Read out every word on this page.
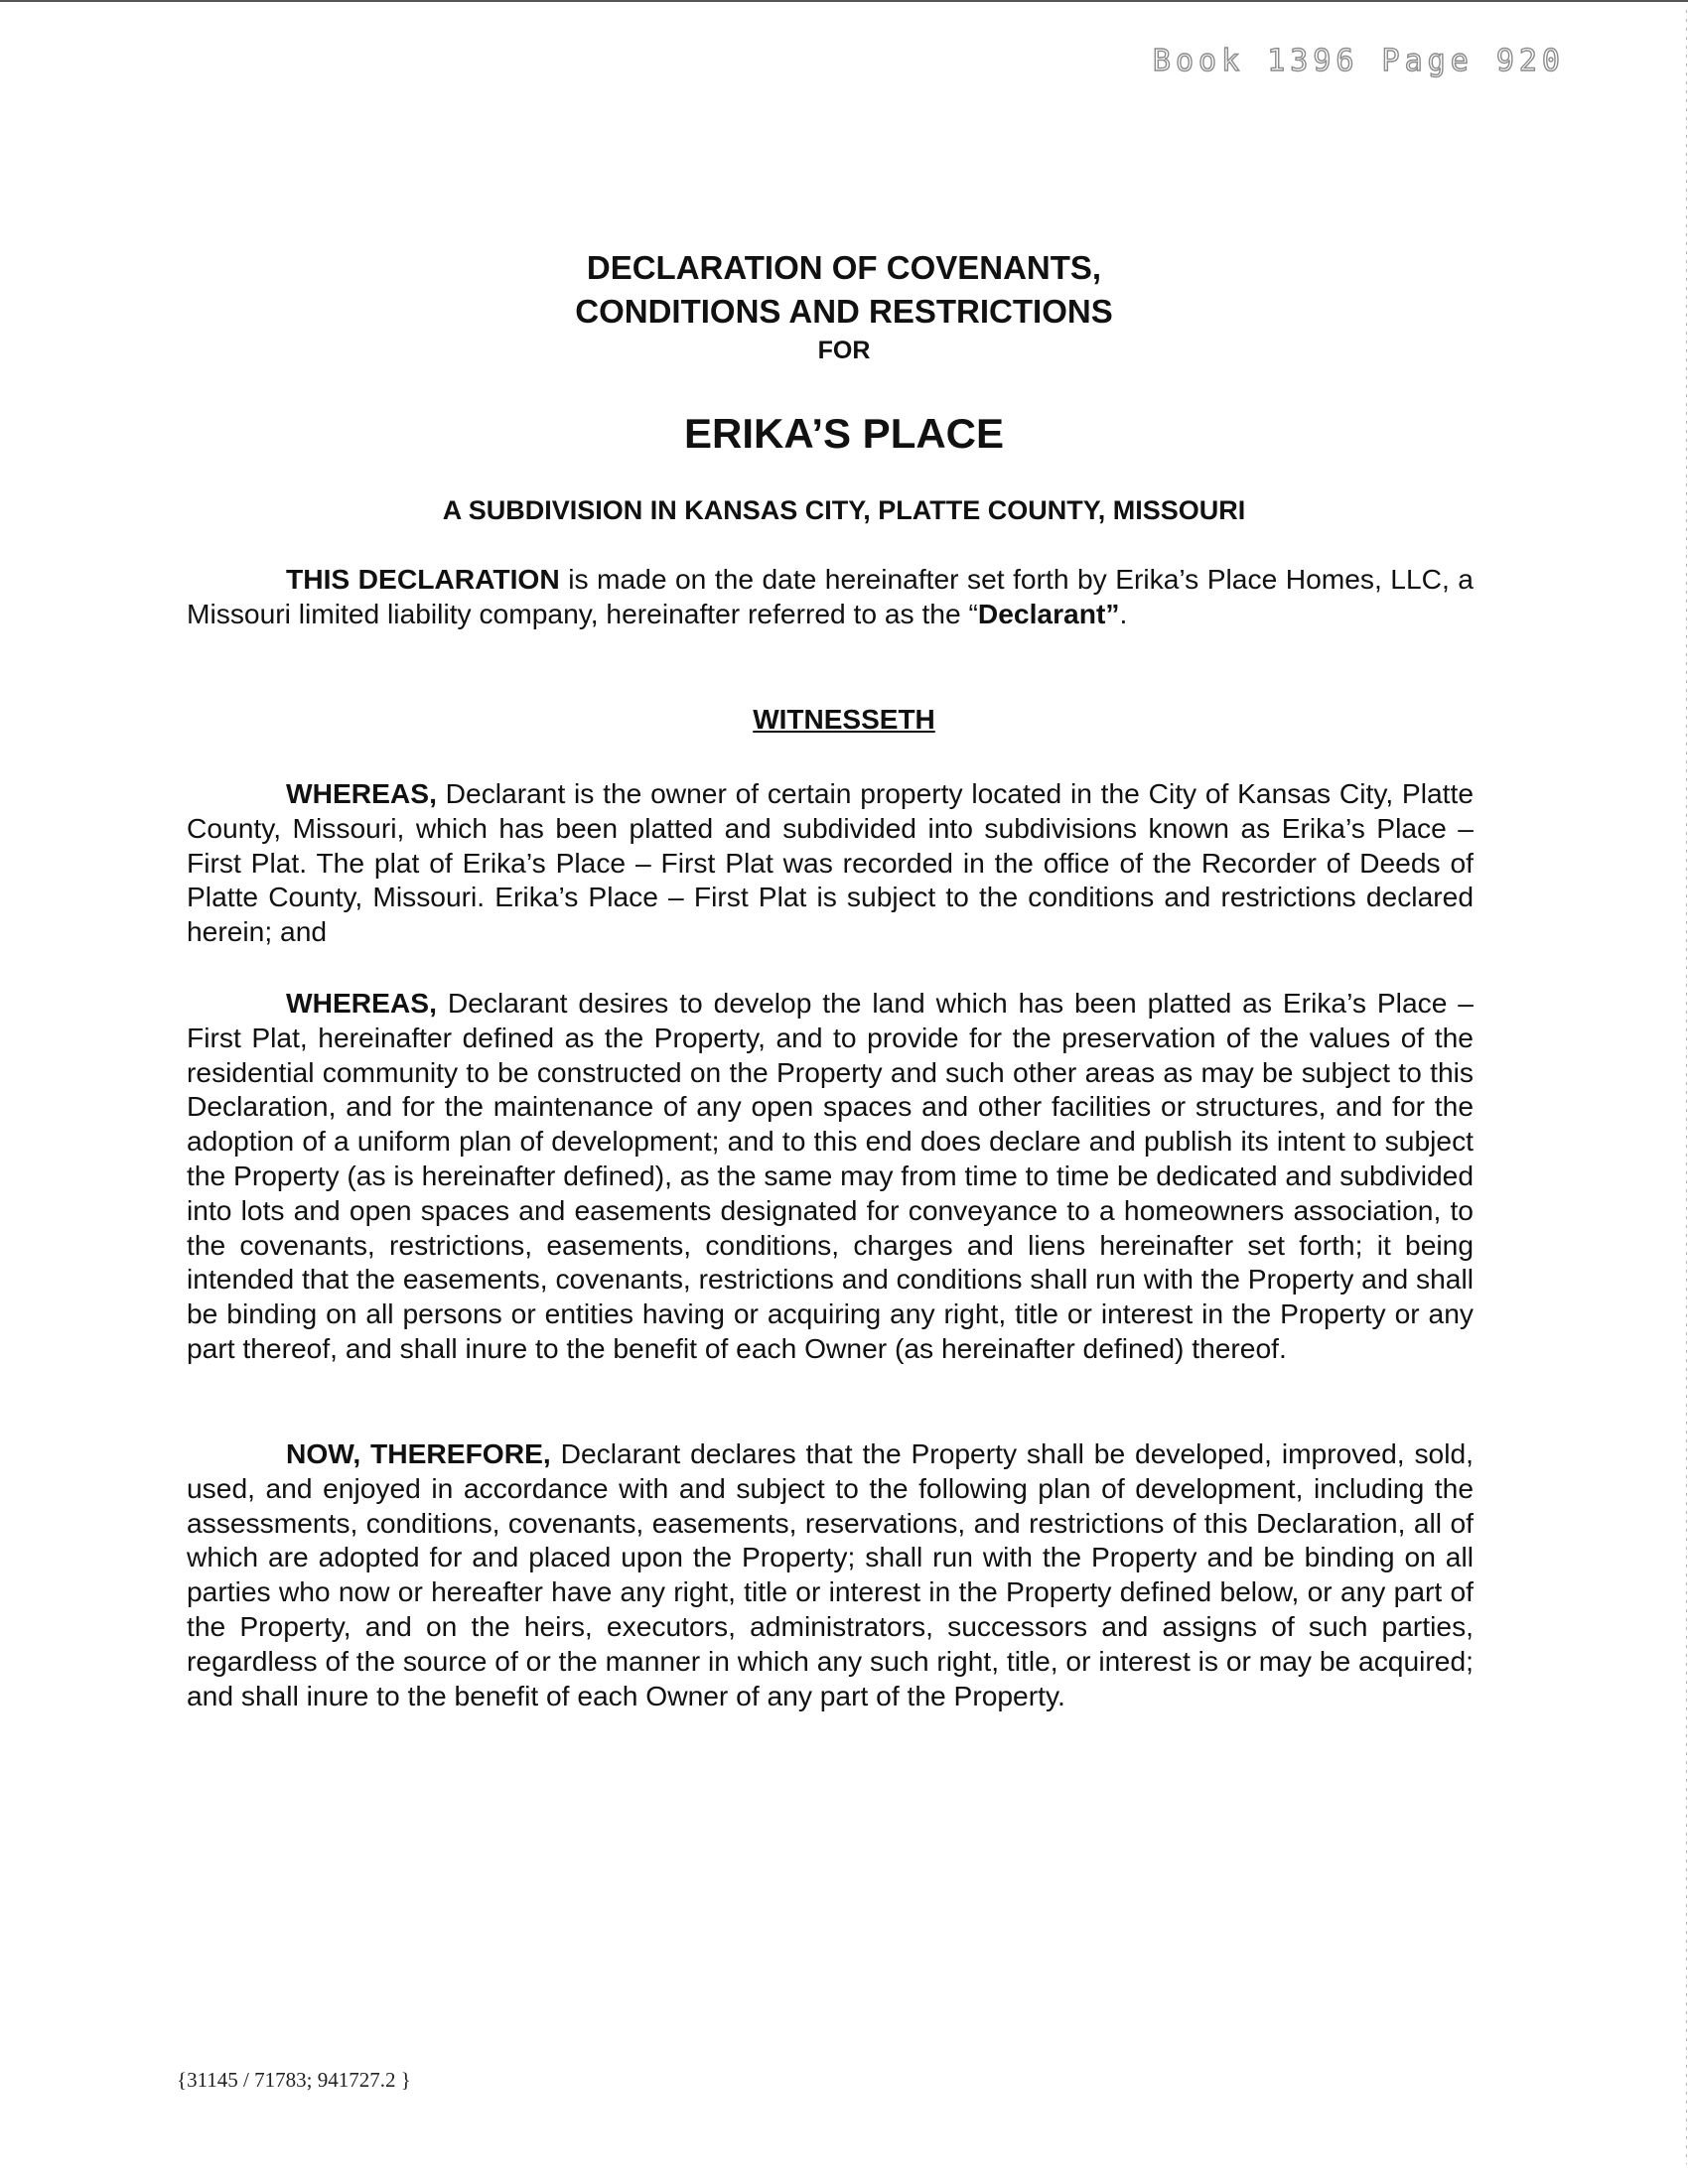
Book 1396 Page 920
DECLARATION OF COVENANTS,
CONDITIONS AND RESTRICTIONS
FOR
ERIKA’S PLACE
A SUBDIVISION IN KANSAS CITY, PLATTE COUNTY, MISSOURI

THIS DECLARATION is made on the date hereinafter set forth by Erika’s Place Homes, LLC, a Missouri limited liability company, hereinafter referred to as the “Declarant”.

WITNESSETH

WHEREAS, Declarant is the owner of certain property located in the City of Kansas City, Platte County, Missouri, which has been platted and subdivided into subdivisions known as Erika’s Place – First Plat. The plat of Erika’s Place – First Plat was recorded in the office of the Recorder of Deeds of Platte County, Missouri. Erika’s Place – First Plat is subject to the conditions and restrictions declared herein; and

WHEREAS, Declarant desires to develop the land which has been platted as Erika’s Place – First Plat, hereinafter defined as the Property, and to provide for the preservation of the values of the residential community to be constructed on the Property and such other areas as may be subject to this Declaration, and for the maintenance of any open spaces and other facilities or structures, and for the adoption of a uniform plan of development; and to this end does declare and publish its intent to subject the Property (as is hereinafter defined), as the same may from time to time be dedicated and subdivided into lots and open spaces and easements designated for conveyance to a homeowners association, to the covenants, restrictions, easements, conditions, charges and liens hereinafter set forth; it being intended that the easements, covenants, restrictions and conditions shall run with the Property and shall be binding on all persons or entities having or acquiring any right, title or interest in the Property or any part thereof, and shall inure to the benefit of each Owner (as hereinafter defined) thereof.

NOW, THEREFORE, Declarant declares that the Property shall be developed, improved, sold, used, and enjoyed in accordance with and subject to the following plan of development, including the assessments, conditions, covenants, easements, reservations, and restrictions of this Declaration, all of which are adopted for and placed upon the Property; shall run with the Property and be binding on all parties who now or hereafter have any right, title or interest in the Property defined below, or any part of the Property, and on the heirs, executors, administrators, successors and assigns of such parties, regardless of the source of or the manner in which any such right, title, or interest is or may be acquired; and shall inure to the benefit of each Owner of any part of the Property.

{31145 / 71783; 941727.2 }
